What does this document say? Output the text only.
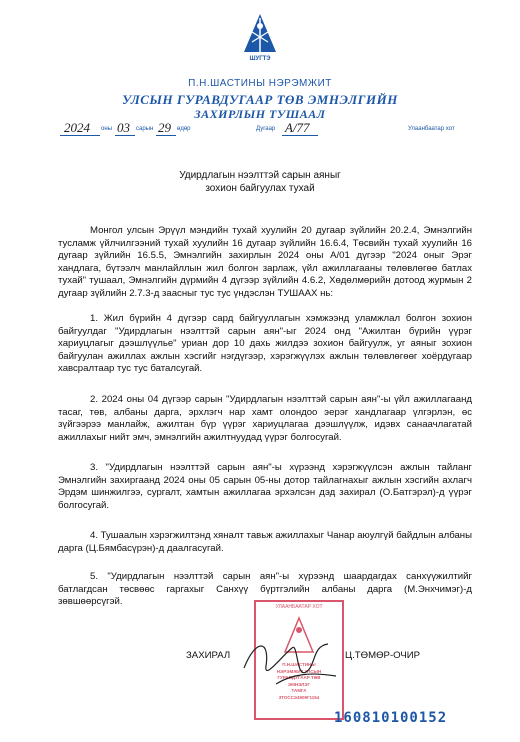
ШУГТЭ
П.Н.ШАСТИНЫ НЭРЭМЖИТ
УЛСЫН ГУРАВДУГААР ТӨВ ЭМНЭЛГИЙН
ЗАХИРЛЫН ТУШААЛ
2024 оны 03 сарын 29 өдөр	Дугаар А/77	Улаанбаатар хот
Удирдлагын нээлттэй сарын аяныг
зохион байгуулах тухай

Монгол улсын Эрүүл мэндийн тухай хуулийн 20 дугаар зүйлийн 20.2.4, Эмнэлгийн тусламж үйлчилгээний тухай хуулийн 16 дугаар зүйлийн 16.6.4, Төсвийн тухай хуулийн 16 дугаар зүйлийн 16.5.5, Эмнэлгийн захирлын 2024 оны А/01 дүгээр "2024 оныг Эрэг хандлага, бүтээлч манлайллын жил болгон зарлаж, үйл ажиллагааны төлөвлөгөө батлах тухай" тушаал, Эмнэлгийн дүрмийн 4 дүгээр зүйлийн 4.6.2, Хөдөлмөрийн дотоод журмын 2 дугаар зүйлийн 2.7.3-д заасныг тус тус үндэслэн ТУШААХ нь:

1. Жил бүрийн 4 дүгээр сард байгууллагын хэмжээнд уламжлал болгон зохион байгуулдаг "Удирдлагын нээлттэй сарын аян"-ыг 2024 онд "Ажилтан бүрийн үүрэг хариуцлагыг дээшлүүлье" уриан дор 10 дахь жилдээ зохион байгуулж, уг аяныг зохион байгуулан ажиллах ажлын хэсгийг нэгдүгээр, хэрэгжүүлэх ажлын төлөвлөгөөг хоёрдугаар хавсралтаар тус тус баталсугай.

2. 2024 оны 04 дүгээр сарын "Удирдлагын нээлттэй сарын аян"-ы үйл ажиллагаанд тасаг, төв, албаны дарга, эрхлэгч нар хамт олондоо эерэг хандлагаар үлгэрлэн, өс зүйгээрээ манлайж, ажилтан бүр үүрэг хариуцлагаа дээшлүүлж, идэвх санаачлагатай ажиллахыг нийт эмч, эмнэлгийн ажилтнуудад үүрэг болгосугай.

3. "Удирдлагын нээлттэй сарын аян"-ы хүрээнд хэрэгжүүлсэн ажлын тайланг Эмнэлгийн захиргаанд 2024 оны 05 сарын 05-ны дотор тайлагнахыг ажлын хэсгийн ахлагч Эрдэм шинжилгээ, сургалт, хамтын ажиллагаа эрхэлсэн дэд захирал (О.Батгэрэл)-д үүрэг болгосугай.

4. Тушаалын хэрэгжилтэнд хяналт тавьж ажиллахыг Чанар аюулгүй байдлын албаны дарга (Ц.Бямбасүрэн)-д даалгасугай.

5. "Удирдлагын нээлттэй сарын аян"-ы хүрээнд шаардагдах санхүүжилтийг батлагдсан төсвөөс гаргахыг Санхүү бүртгэлийн албаны дарга (М.Энхчимэг)-д зөвшөөрсүгэй.	УЛААНБААТАР ХОТ
П.Н.ШАСТИНЫ
НЭРЭМЖИТ УЛСЫН
ГУРАВДУГААР ТӨВ
ЭМНЭЛЭГ
ТАМГА
3ТОССЭ4909Г1154
ЗАХИРАЛ	Ц.ТӨМӨР-ОЧИР
160810100152
